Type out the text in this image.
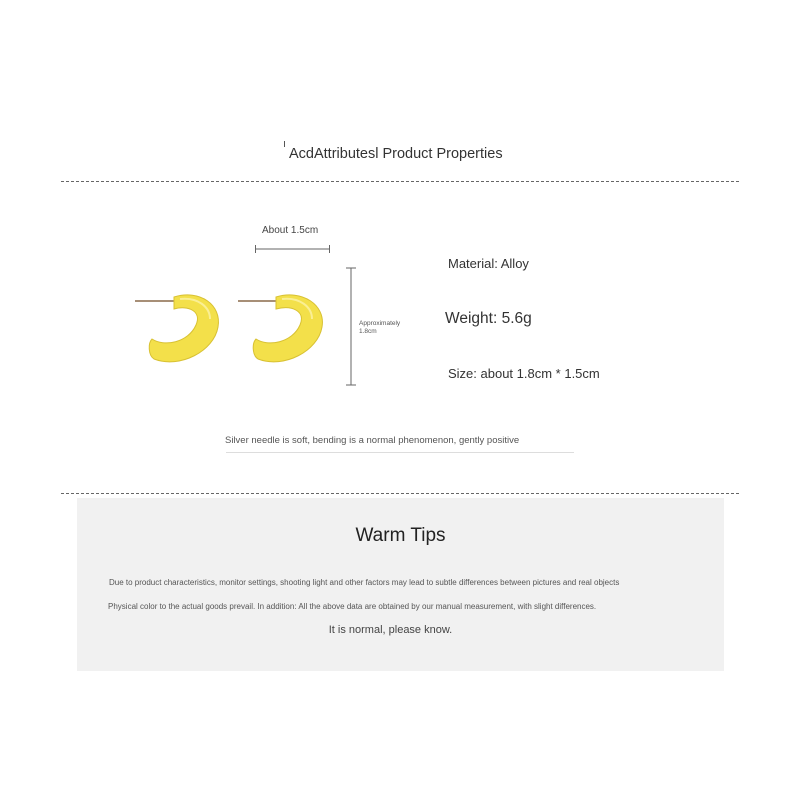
AcdAttributesl Product Properties
About 1.5cm
Approximately
1.8cm
Material: Alloy
Weight: 5.6g
Size: about 1.8cm * 1.5cm
Silver needle is soft, bending is a normal phenomenon, gently positive
Warm Tips
Due to product characteristics, monitor settings, shooting light and other factors may lead to subtle differences between pictures and real objects
Physical color to the actual goods prevail. In addition: All the above data are obtained by our manual measurement, with slight differences.
It is normal, please know.
